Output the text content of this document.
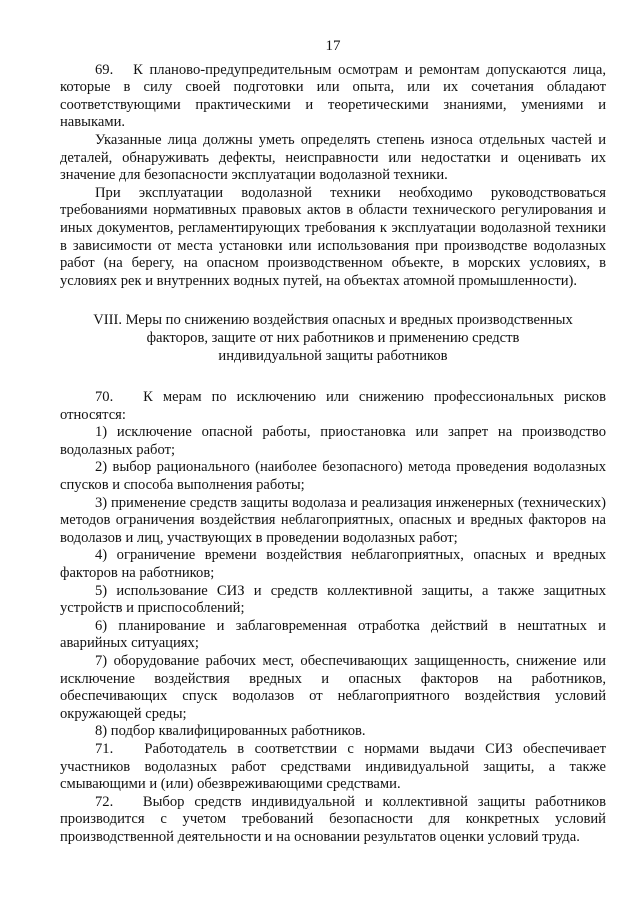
17

69.   К планово-предупредительным осмотрам и ремонтам допускаются лица, которые в силу своей подготовки или опыта, или их сочетания обладают соответствующими практическими и теоретическими знаниями, умениями и навыками.

Указанные лица должны уметь определять степень износа отдельных частей и деталей, обнаруживать дефекты, неисправности или недостатки и оценивать их значение для безопасности эксплуатации водолазной техники.

При эксплуатации водолазной техники необходимо руководствоваться требованиями нормативных правовых актов в области технического регулирования и иных документов, регламентирующих требования к эксплуатации водолазной техники в зависимости от места установки или использования при производстве водолазных работ (на берегу, на опасном производственном объекте, в морских условиях, в условиях рек и внутренних водных путей, на объектах атомной промышленности).

VIII. Меры по снижению воздействия опасных и вредных производственных
факторов, защите от них работников и применению средств
индивидуальной защиты работников

70.   К мерам по исключению или снижению профессиональных рисков относятся:

1) исключение опасной работы, приостановка или запрет на производство водолазных работ;

2) выбор рационального (наиболее безопасного) метода проведения водолазных спусков и способа выполнения работы;

3) применение средств защиты водолаза и реализация инженерных (технических) методов ограничения воздействия неблагоприятных, опасных и вредных факторов на водолазов и лиц, участвующих в проведении водолазных работ;

4) ограничение времени воздействия неблагоприятных, опасных и вредных факторов на работников;

5) использование СИЗ и средств коллективной защиты, а также защитных устройств и приспособлений;

6) планирование и заблаговременная отработка действий в нештатных и аварийных ситуациях;

7) оборудование рабочих мест, обеспечивающих защищенность, снижение или исключение воздействия вредных и опасных факторов на работников, обеспечивающих спуск водолазов от неблагоприятного воздействия условий окружающей среды;

8) подбор квалифицированных работников.

71.   Работодатель в соответствии с нормами выдачи СИЗ обеспечивает участников водолазных работ средствами индивидуальной защиты, а также смывающими и (или) обезвреживающими средствами.

72.   Выбор средств индивидуальной и коллективной защиты работников производится с учетом требований безопасности для конкретных условий производственной деятельности и на основании результатов оценки условий труда.
